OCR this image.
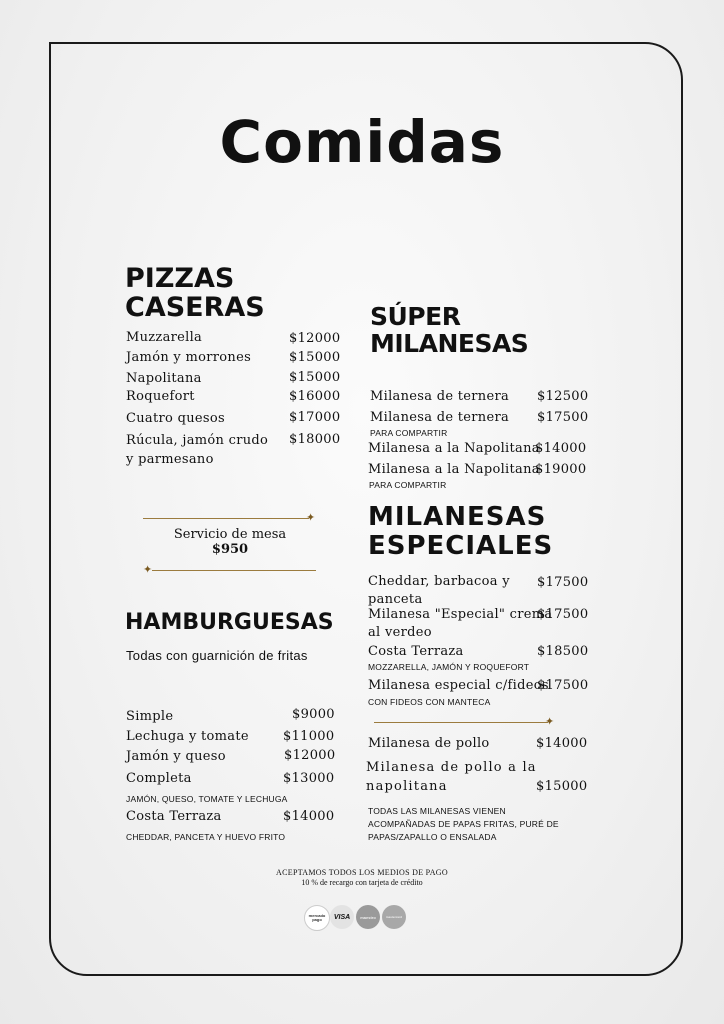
Comidas
PIZZAS
CASERAS
Muzzarella	$12000
Jamón y morrones	$15000
Napolitana	$15000
Roquefort	$16000
Cuatro quesos	$17000
Rúcula, jamón crudo
y parmesano
$18000
✦
Servicio de mesa
$950
✦
HAMBURGUESAS
Todas con guarnición de fritas
Simple	$9000
Lechuga y tomate	$11000
Jamón y queso	$12000
Completa	$13000
JAMÓN, QUESO, TOMATE Y LECHUGA
Costa Terraza	$14000
CHEDDAR, PANCETA Y HUEVO FRITO
SÚPER
MILANESAS
Milanesa de ternera $12500
Milanesa de ternera $17500
PARA COMPARTIR
Milanesa a la Napolitana
$14000
Milanesa a la Napolitana
$19000
PARA COMPARTIR
MILANESAS
ESPECIALES
Cheddar, barbacoa y
panceta
$17500
Milanesa "Especial" crema
al verdeo
$17500
Costa Terraza	$18500
MOZZARELLA, JAMÓN Y ROQUEFORT
Milanesa especial c/fideos
$17500
CON FIDEOS CON MANTECA
✦
Milanesa de pollo	$14000
Milanesa de pollo a la
napolitana	$15000
TODAS LAS MILANESAS VIENEN
ACOMPAÑADAS DE PAPAS FRITAS, PURÉ DE
PAPAS/ZAPALLO O ENSALADA
ACEPTAMOS TODOS LOS MEDIOS DE PAGO
10 % de recargo con tarjeta de crédito
mercado pago	VISA	maestro	mastercard
